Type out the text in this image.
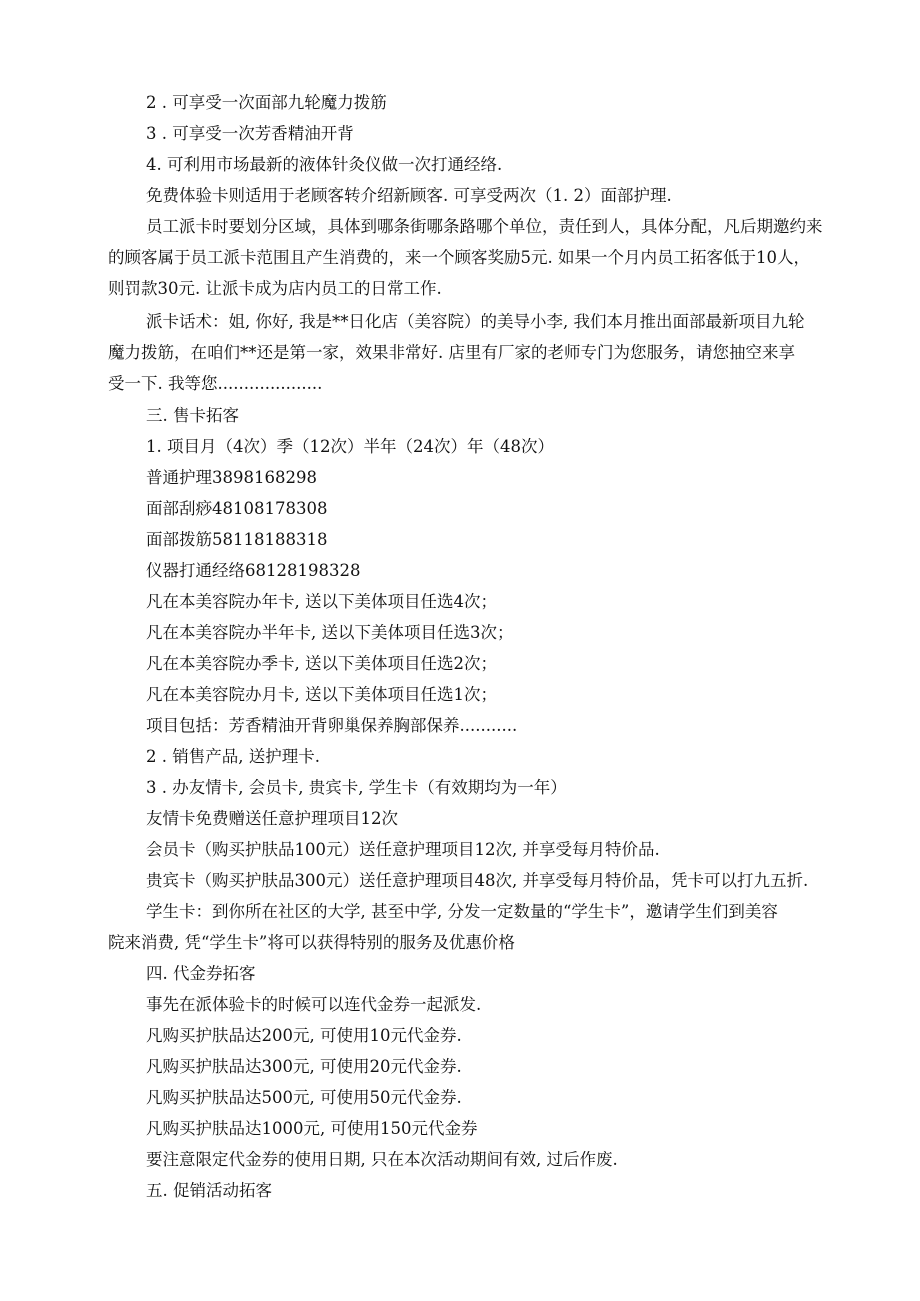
2 . 可享受一次面部九轮魔力拨筋

3 . 可享受一次芳香精油开背

4. 可利用市场最新的液体针灸仪做一次打通经络.

免费体验卡则适用于老顾客转介绍新顾客. 可享受两次（1. 2）面部护理.

员工派卡时要划分区域，具体到哪条街哪条路哪个单位，责任到人，具体分配，凡后期邀约来

的顾客属于员工派卡范围且产生消费的，来一个顾客奖励5元. 如果一个月内员工拓客低于10人，

则罚款30元. 让派卡成为店内员工的日常工作.

派卡话术：姐, 你好, 我是**日化店（美容院）的美导小李, 我们本月推出面部最新项目九轮

魔力拨筋，在咱们**还是第一家，效果非常好. 店里有厂家的老师专门为您服务，请您抽空来享

受一下. 我等您....................

三. 售卡拓客

1. 项目月（4次）季（12次）半年（24次）年（48次）

普通护理3898168298

面部刮痧48108178308

面部拨筋58118188318

仪器打通经络68128198328

凡在本美容院办年卡, 送以下美体项目任选4次；

凡在本美容院办半年卡, 送以下美体项目任选3次；

凡在本美容院办季卡, 送以下美体项目任选2次；

凡在本美容院办月卡, 送以下美体项目任选1次；

项目包括：芳香精油开背卵巢保养胸部保养...........

2 . 销售产品, 送护理卡.

3 . 办友情卡, 会员卡, 贵宾卡, 学生卡（有效期均为一年）

友情卡免费赠送任意护理项目12次

会员卡（购买护肤品100元）送任意护理项目12次, 并享受每月特价品.

贵宾卡（购买护肤品300元）送任意护理项目48次, 并享受每月特价品，凭卡可以打九五折.

学生卡：到你所在社区的大学, 甚至中学, 分发一定数量的“学生卡”，邀请学生们到美容

院来消费, 凭“学生卡”将可以获得特别的服务及优惠价格

四. 代金券拓客

事先在派体验卡的时候可以连代金券一起派发.

凡购买护肤品达200元, 可使用10元代金券.

凡购买护肤品达300元, 可使用20元代金券.

凡购买护肤品达500元, 可使用50元代金券.

凡购买护肤品达1000元, 可使用150元代金券

要注意限定代金券的使用日期, 只在本次活动期间有效, 过后作废.

五. 促销活动拓客
